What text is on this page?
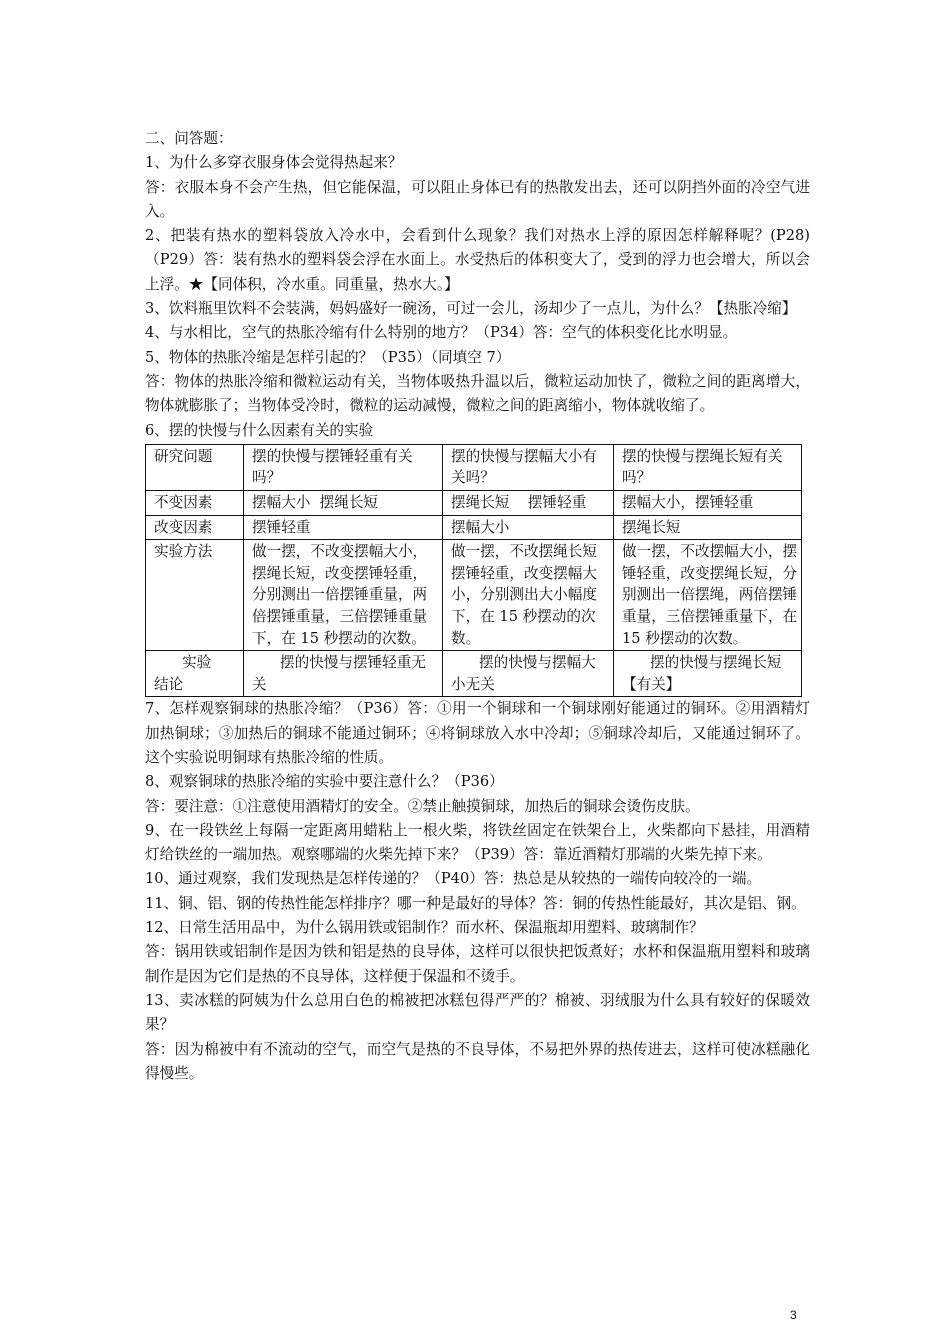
二、问答题：

1、为什么多穿衣服身体会觉得热起来？

答：衣服本身不会产生热，但它能保温，可以阻止身体已有的热散发出去，还可以阴挡外面的冷空气进入。

2、把装有热水的塑料袋放入冷水中，会看到什么现象？我们对热水上浮的原因怎样解释呢？(P28)（P29）答：装有热水的塑料袋会浮在水面上。水受热后的体积变大了，受到的浮力也会增大，所以会上浮。★【同体积，冷水重。同重量，热水大。】

3、饮料瓶里饮料不会装满，妈妈盛好一碗汤，可过一会儿，汤却少了一点儿，为什么？【热胀冷缩】

4、与水相比，空气的热胀冷缩有什么特别的地方？（P34）答：空气的体积变化比水明显。

5、物体的热胀冷缩是怎样引起的？（P35）（同填空 7）

答：物体的热胀冷缩和微粒运动有关，当物体吸热升温以后，微粒运动加快了，微粒之间的距离增大，物体就膨胀了；当物体受冷时，微粒的运动减慢，微粒之间的距离缩小，物体就收缩了。

6、摆的快慢与什么因素有关的实验

研究问题	摆的快慢与摆锤轻重有关吗？	摆的快慢与摆幅大小有关吗？	摆的快慢与摆绳长短有关吗？
不变因素	摆幅大小  摆绳长短	摆绳长短    摆锤轻重	摆幅大小，摆锤轻重
改变因素	摆锤轻重	摆幅大小	摆绳长短
实验方法	做一摆，不改变摆幅大小，摆绳长短，改变摆锤轻重，分别测出一倍摆锤重量，两倍摆锤重量，三倍摆锤重量下，在 15 秒摆动的次数。	做一摆，不改摆绳长短   摆锤轻重，改变摆幅大小，分别测出大小幅度下，在 15 秒摆动的次数。	做一摆，不改摆幅大小，摆锤轻重，改变摆绳长短，分别测出一倍摆绳，两倍摆锤重量，三倍摆锤重量下，在 15 秒摆动的次数。

实验
结论	摆的快慢与摆锤轻重无关	摆的快慢与摆幅大小无关	摆的快慢与摆绳长短【有关】

7、怎样观察铜球的热胀冷缩？（P36）答：①用一个铜球和一个铜球刚好能通过的铜环。②用酒精灯加热铜球；③加热后的铜球不能通过铜环；④将铜球放入水中冷却；⑤铜球冷却后，又能通过铜环了。这个实验说明铜球有热胀冷缩的性质。

8、观察铜球的热胀冷缩的实验中要注意什么？（P36）

答：要注意：①注意使用酒精灯的安全。②禁止触摸铜球，加热后的铜球会烫伤皮肤。

9、在一段铁丝上每隔一定距离用蜡粘上一根火柴，将铁丝固定在铁架台上，火柴都向下悬挂，用酒精灯给铁丝的一端加热。观察哪端的火柴先掉下来？（P39）答：靠近酒精灯那端的火柴先掉下来。

10、通过观察，我们发现热是怎样传递的？（P40）答：热总是从较热的一端传向较冷的一端。

11、铜、铝、钢的传热性能怎样排序？哪一种是最好的导体？答：铜的传热性能最好，其次是铝、钢。

12、日常生活用品中，为什么锅用铁或铝制作？而水杯、保温瓶却用塑料、玻璃制作？

答：锅用铁或铝制作是因为铁和铝是热的良导体，这样可以很快把饭煮好；水杯和保温瓶用塑料和玻璃制作是因为它们是热的不良导体，这样便于保温和不烫手。

13、卖冰糕的阿姨为什么总用白色的棉被把冰糕包得严严的？棉被、羽绒服为什么具有较好的保暖效果？

答：因为棉被中有不流动的空气，而空气是热的不良导体，不易把外界的热传进去，这样可使冰糕融化得慢些。

3
